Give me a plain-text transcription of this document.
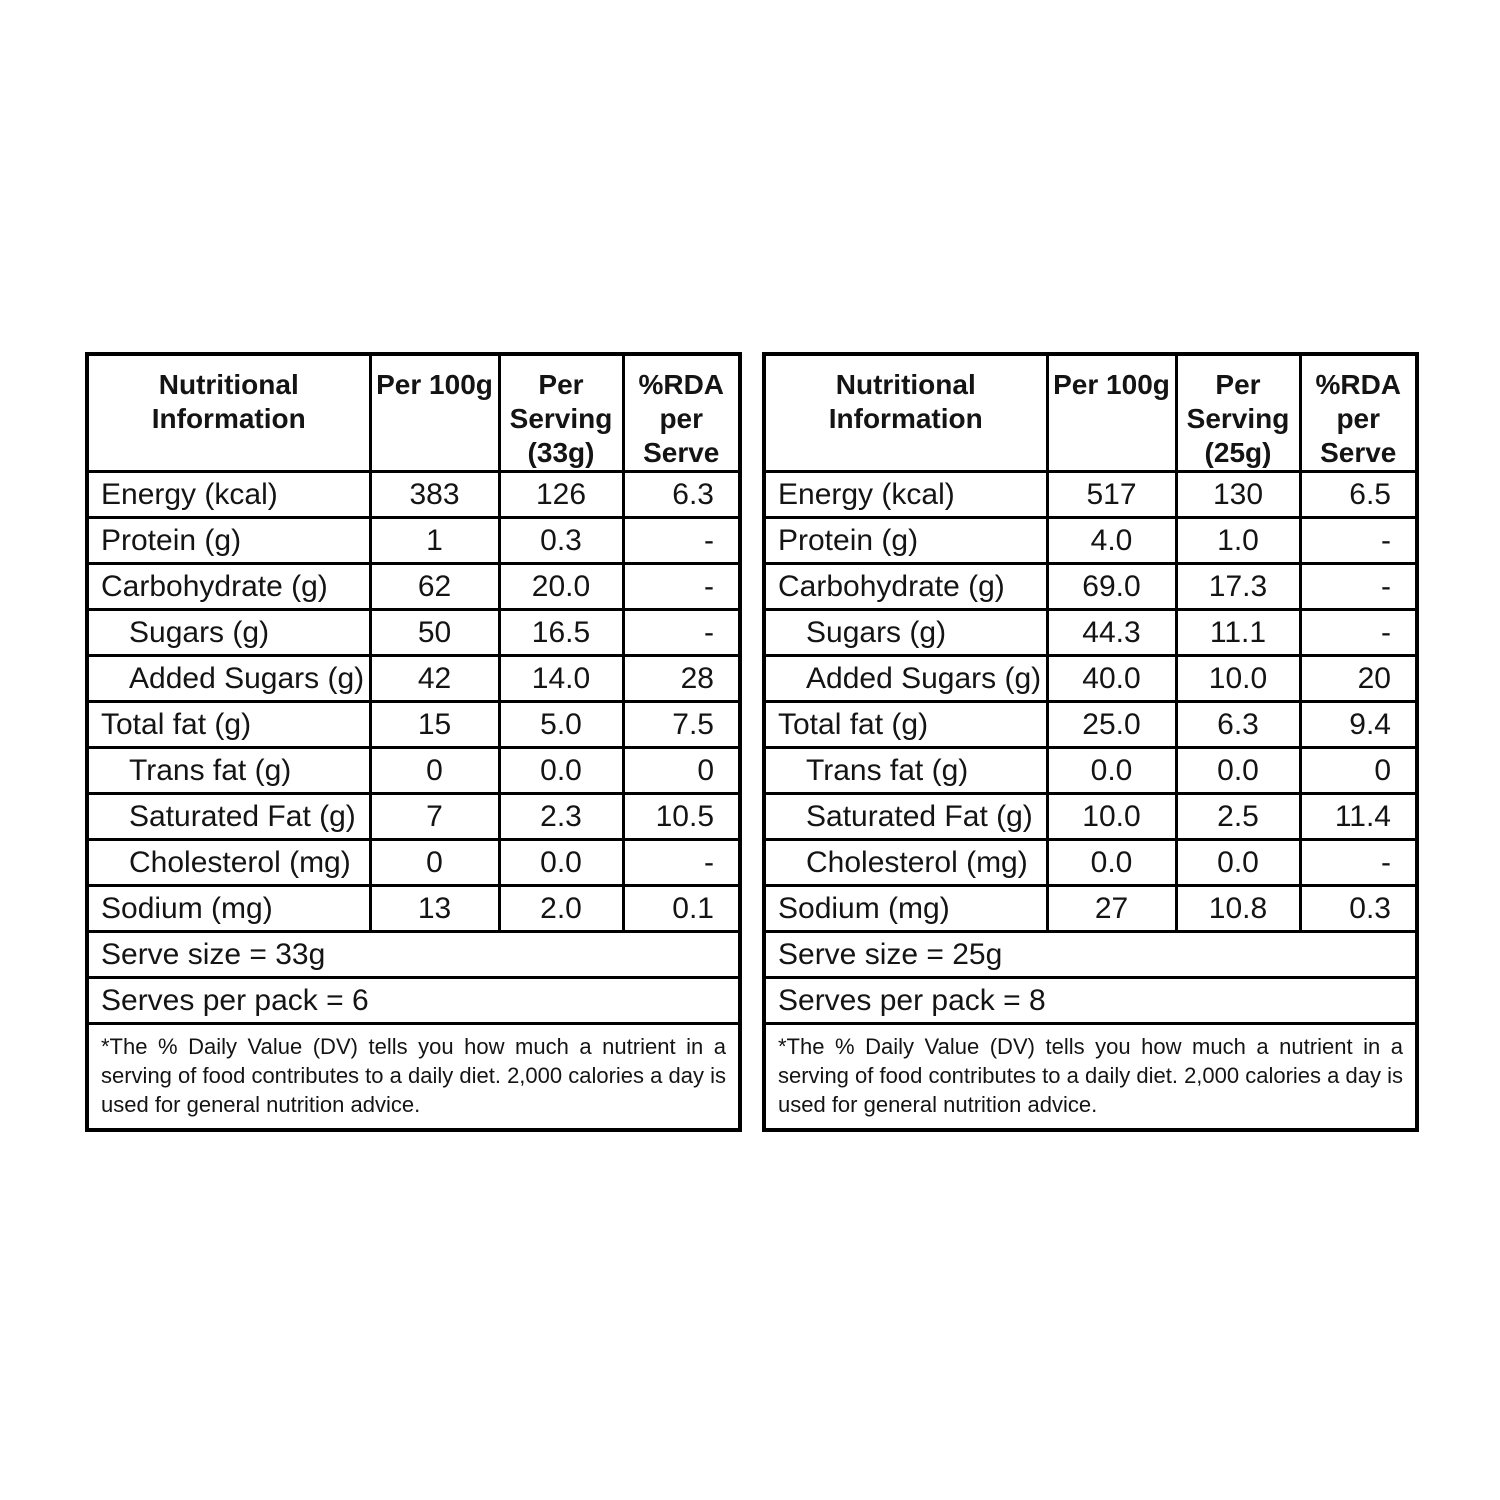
Nutritional Information	Per 100g	Per Serving (33g)	%RDA per Serve
Energy (kcal)	383	126	6.3
Protein (g)	1	0.3	-
Carbohydrate (g)	62	20.0	-
Sugars (g)	50	16.5	-
Added Sugars (g)	42	14.0	28
Total fat (g)	15	5.0	7.5
Trans fat (g)	0	0.0	0
Saturated Fat (g)	7	2.3	10.5
Cholesterol (mg)	0	0.0	-
Sodium (mg)	13	2.0	0.1
Serve size = 33g			
Serves per pack = 6			
*The % Daily Value (DV) tells you how much a nutrient in a serving of food contributes to a daily diet. 2,000 calories a day is used for general nutrition advice.			
Nutritional Information	Per 100g	Per Serving (25g)	%RDA per Serve
Energy (kcal)	517	130	6.5
Protein (g)	4.0	1.0	-
Carbohydrate (g)	69.0	17.3	-
Sugars (g)	44.3	11.1	-
Added Sugars (g)	40.0	10.0	20
Total fat (g)	25.0	6.3	9.4
Trans fat (g)	0.0	0.0	0
Saturated Fat (g)	10.0	2.5	11.4
Cholesterol (mg)	0.0	0.0	-
Sodium (mg)	27	10.8	0.3
Serve size = 25g			
Serves per pack = 8			
*The % Daily Value (DV) tells you how much a nutrient in a serving of food contributes to a daily diet. 2,000 calories a day is used for general nutrition advice.			
